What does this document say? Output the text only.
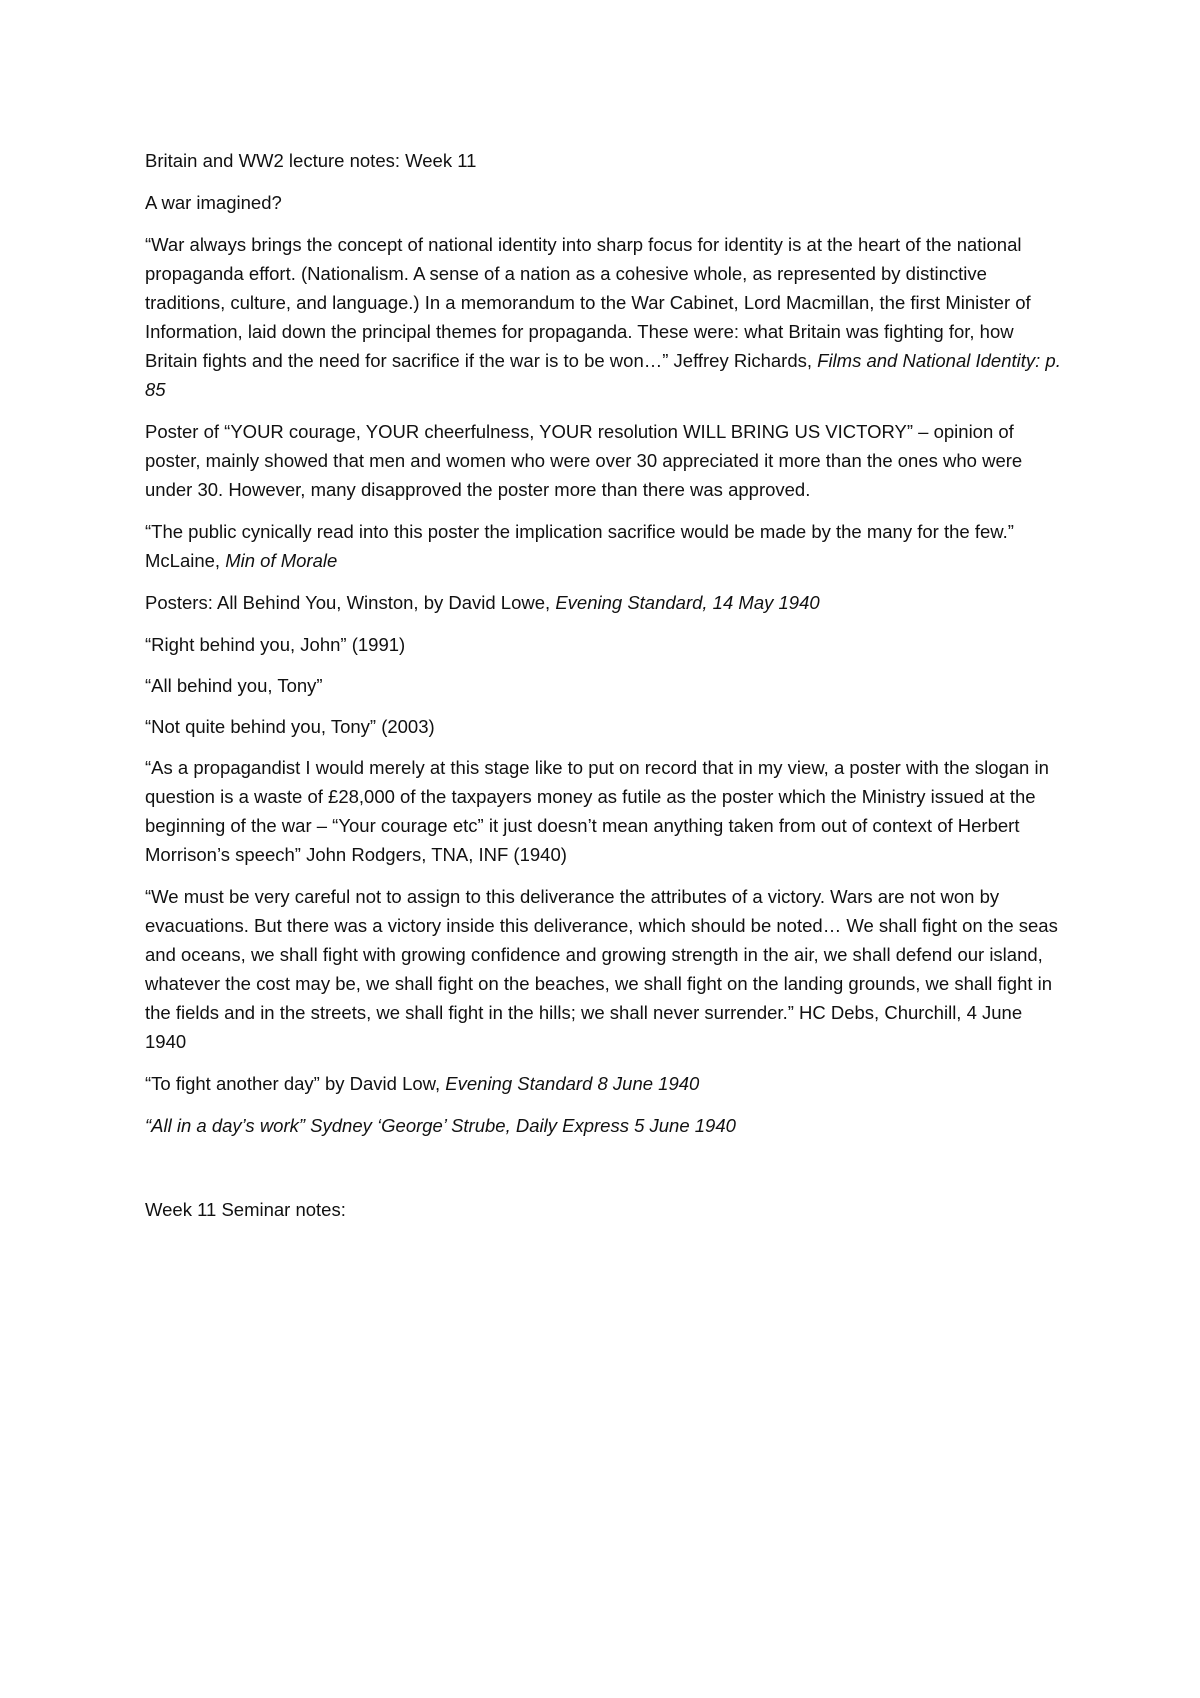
Britain and WW2 lecture notes: Week 11

A war imagined?

“War always brings the concept of national identity into sharp focus for identity is at the heart of the national propaganda effort. (Nationalism. A sense of a nation as a cohesive whole, as represented by distinctive traditions, culture, and language.) In a memorandum to the War Cabinet, Lord Macmillan, the first Minister of Information, laid down the principal themes for propaganda. These were: what Britain was fighting for, how Britain fights and the need for sacrifice if the war is to be won…” Jeffrey Richards, Films and National Identity: p. 85

Poster of “YOUR courage, YOUR cheerfulness, YOUR resolution WILL BRING US VICTORY” – opinion of poster, mainly showed that men and women who were over 30 appreciated it more than the ones who were under 30. However, many disapproved the poster more than there was approved.

“The public cynically read into this poster the implication sacrifice would be made by the many for the few.” McLaine, Min of Morale

Posters: All Behind You, Winston, by David Lowe, Evening Standard, 14 May 1940

“Right behind you, John” (1991)

“All behind you, Tony”

“Not quite behind you, Tony” (2003)

“As a propagandist I would merely at this stage like to put on record that in my view, a poster with the slogan in question is a waste of £28,000 of the taxpayers money as futile as the poster which the Ministry issued at the beginning of the war – “Your courage etc” it just doesn’t mean anything taken from out of context of Herbert Morrison’s speech” John Rodgers, TNA, INF (1940)

“We must be very careful not to assign to this deliverance the attributes of a victory. Wars are not won by evacuations. But there was a victory inside this deliverance, which should be noted… We shall fight on the seas and oceans, we shall fight with growing confidence and growing strength in the air, we shall defend our island, whatever the cost may be, we shall fight on the beaches, we shall fight on the landing grounds, we shall fight in the fields and in the streets, we shall fight in the hills; we shall never surrender.” HC Debs, Churchill, 4 June 1940

“To fight another day” by David Low, Evening Standard 8 June 1940

“All in a day’s work” Sydney ‘George’ Strube, Daily Express 5 June 1940

Week 11 Seminar notes:
